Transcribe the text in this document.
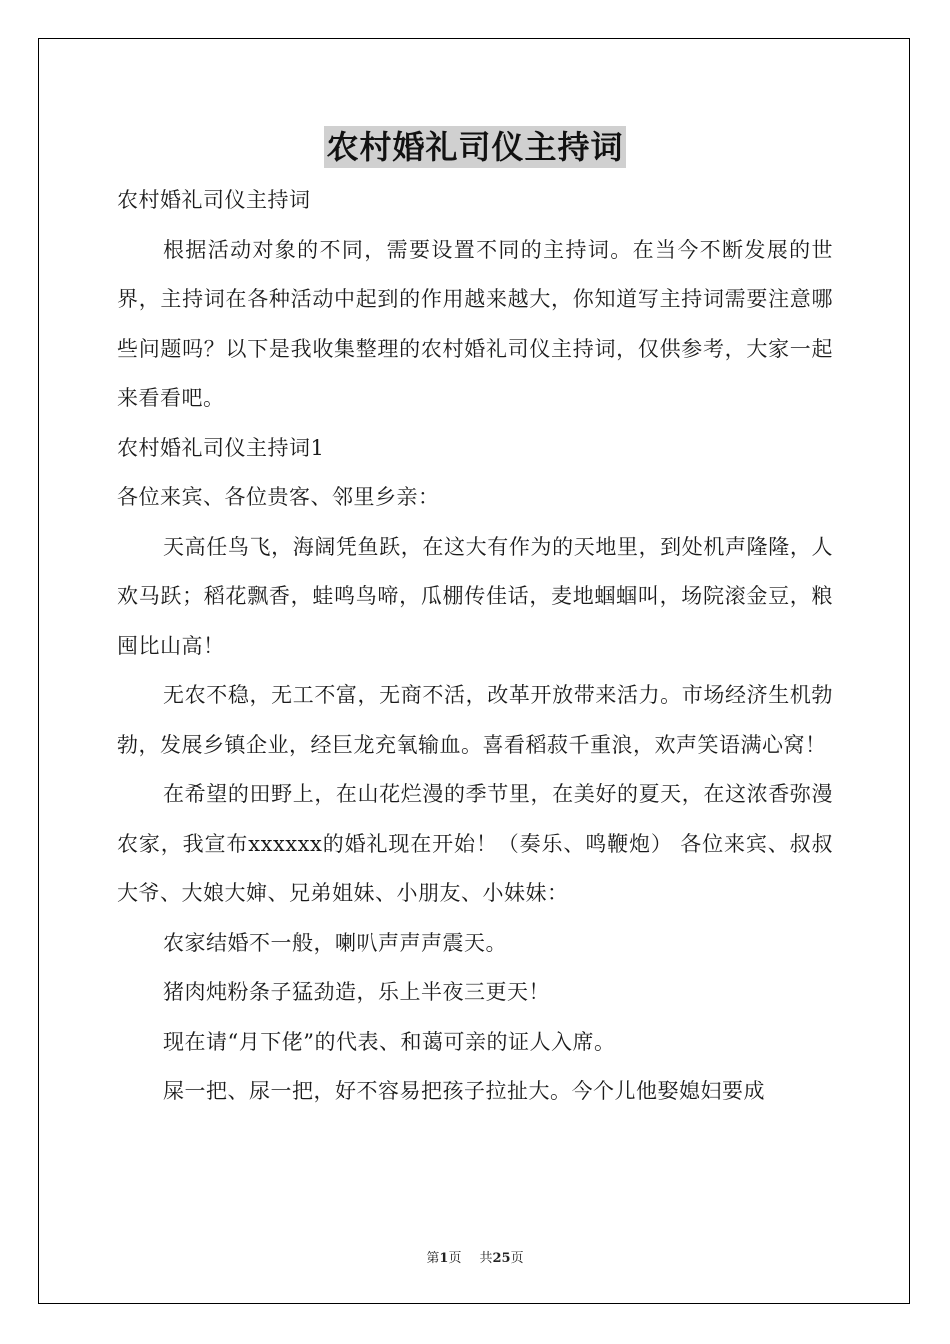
农村婚礼司仪主持词

农村婚礼司仪主持词

根据活动对象的不同，需要设置不同的主持词。在当今不断发展的世界，主持词在各种活动中起到的作用越来越大，你知道写主持词需要注意哪些问题吗？以下是我收集整理的农村婚礼司仪主持词，仅供参考，大家一起来看看吧。

农村婚礼司仪主持词1

各位来宾、各位贵客、邻里乡亲：

天高任鸟飞，海阔凭鱼跃，在这大有作为的天地里，到处机声隆隆，人欢马跃；稻花飘香，蛙鸣鸟啼，瓜棚传佳话，麦地蝈蝈叫，场院滚金豆，粮囤比山高！

无农不稳，无工不富，无商不活，改革开放带来活力。市场经济生机勃勃，发展乡镇企业，经巨龙充氧输血。喜看稻菽千重浪，欢声笑语满心窝！

在希望的田野上，在山花烂漫的季节里，在美好的夏天，在这浓香弥漫农家，我宣布xxxxxx的婚礼现在开始！（奏乐、鸣鞭炮） 各位来宾、叔叔大爷、大娘大婶、兄弟姐妹、小朋友、小妹妹：

农家结婚不一般，喇叭声声声震天。

猪肉炖粉条子猛劲造，乐上半夜三更天！

现在请“月下佬”的代表、和蔼可亲的证人入席。

屎一把、尿一把，好不容易把孩子拉扯大。今个儿他娶媳妇要成

第1页 共25页
